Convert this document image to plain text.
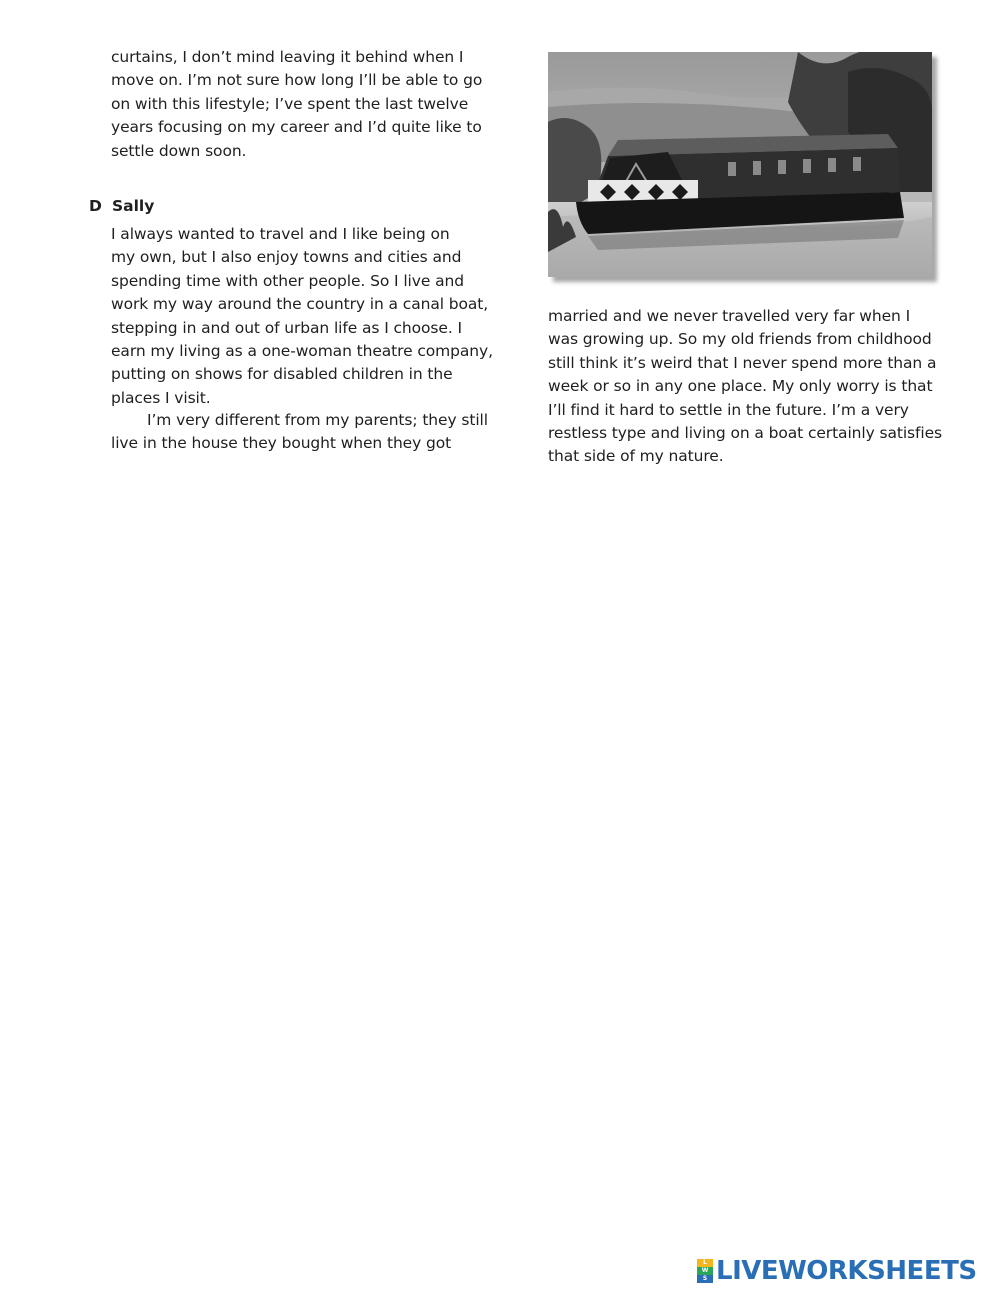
curtains, I don’t mind leaving it behind when I
move on. I’m not sure how long I’ll be able to go
on with this lifestyle; I’ve spent the last twelve
years focusing on my career and I’d quite like to
settle down soon.

D Sally

I always wanted to travel and I like being on
my own, but I also enjoy towns and cities and
spending time with other people. So I live and
work my way around the country in a canal boat,
stepping in and out of urban life as I choose. I
earn my living as a one-woman theatre company,
putting on shows for disabled children in the
places I visit.

I’m very different from my parents; they still
live in the house they bought when they got

married and we never travelled very far when I
was growing up. So my old friends from childhood
still think it’s weird that I never spend more than a
week or so in any one place. My only worry is that
I’ll find it hard to settle in the future. I’m a very
restless type and living on a boat certainly satisfies
that side of my nature.

L
W
S LIVEWORKSHEETS
